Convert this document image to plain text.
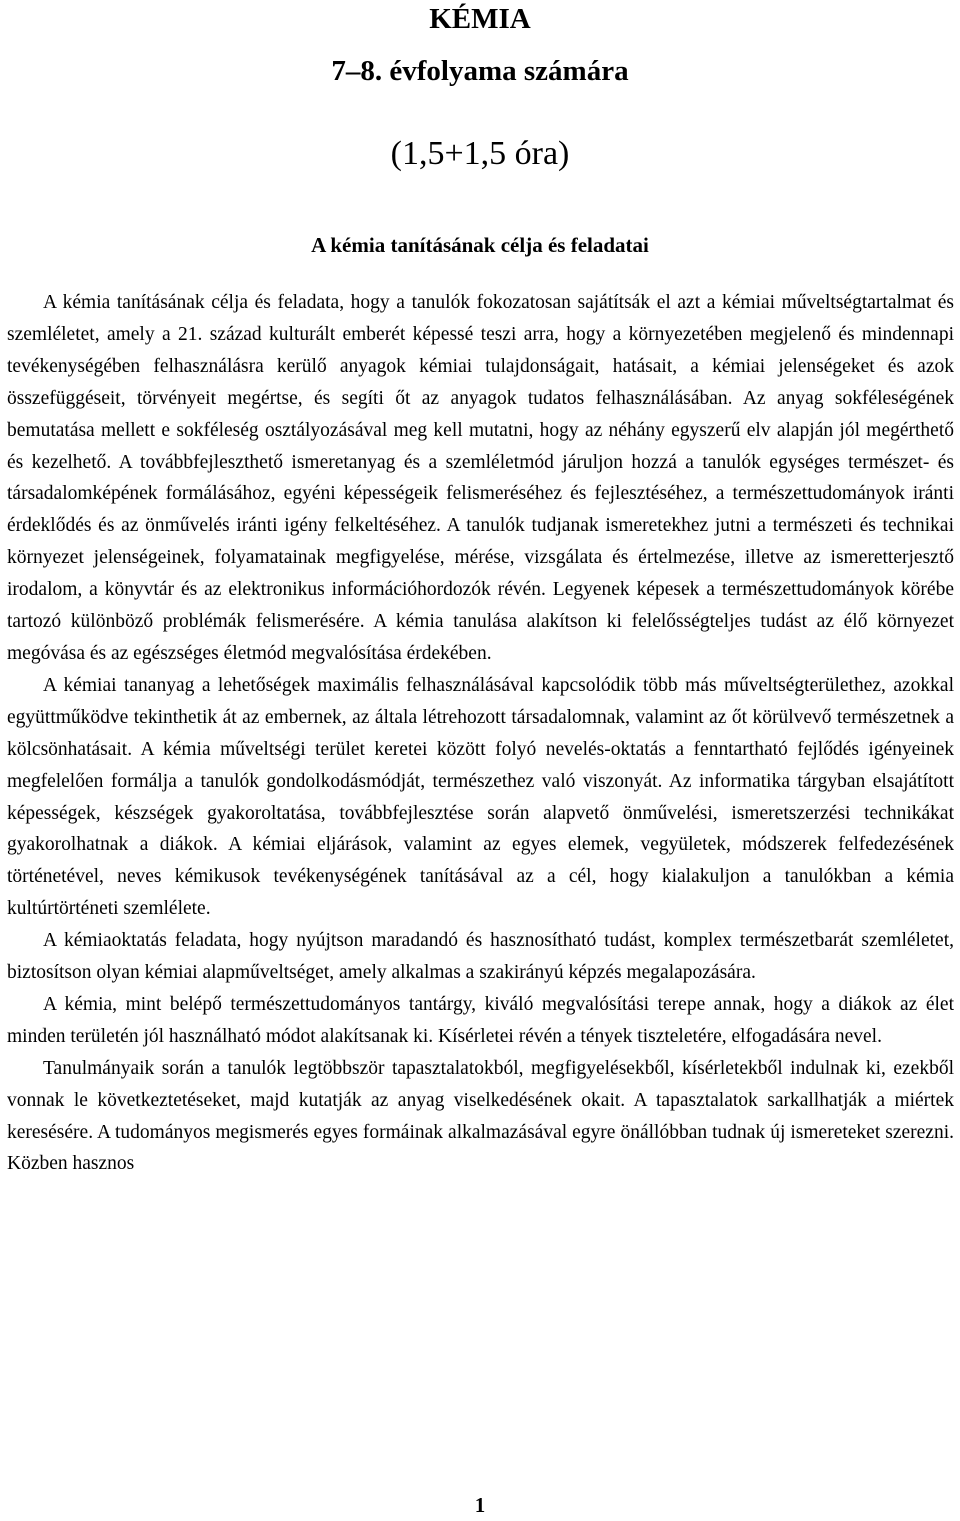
KÉMIA
7–8. évfolyama számára
(1,5+1,5 óra)
A kémia tanításának célja és feladatai

A kémia tanításának célja és feladata, hogy a tanulók fokozatosan sajátítsák el azt a kémiai műveltségtartalmat és szemléletet, amely a 21. század kulturált emberét képessé teszi arra, hogy a környezetében megjelenő és mindennapi tevékenységében felhasználásra kerülő anyagok kémiai tulajdonságait, hatásait, a kémiai jelenségeket és azok összefüggéseit, törvényeit megértse, és segíti őt az anyagok tudatos felhasználásában. Az anyag sokféleségének bemutatása mellett e sokféleség osztályozásával meg kell mutatni, hogy az néhány egyszerű elv alapján jól megérthető és kezelhető. A továbbfejleszthető ismeretanyag és a szemléletmód járuljon hozzá a tanulók egységes természet- és társadalomképének formálásához, egyéni képességeik felismeréséhez és fejlesztéséhez, a természettudományok iránti érdeklődés és az önművelés iránti igény felkeltéséhez. A tanulók tudjanak ismeretekhez jutni a természeti és technikai környezet jelenségeinek, folyamatainak megfigyelése, mérése, vizsgálata és értelmezése, illetve az ismeretterjesztő irodalom, a könyvtár és az elektronikus információhordozók révén. Legyenek képesek a természettudományok körébe tartozó különböző problémák felismerésére. A kémia tanulása alakítson ki felelősségteljes tudást az élő környezet megóvása és az egészséges életmód megvalósítása érdekében.

A kémiai tananyag a lehetőségek maximális felhasználásával kapcsolódik több más műveltségterülethez, azokkal együttműködve tekinthetik át az embernek, az általa létrehozott társadalomnak, valamint az őt körülvevő természetnek a kölcsönhatásait. A kémia műveltségi terület keretei között folyó nevelés-oktatás a fenntartható fejlődés igényeinek megfelelően formálja a tanulók gondolkodásmódját, természethez való viszonyát. Az informatika tárgyban elsajátított képességek, készségek gyakoroltatása, továbbfejlesztése során alapvető önművelési, ismeretszerzési technikákat gyakorolhatnak a diákok. A kémiai eljárások, valamint az egyes elemek, vegyületek, módszerek felfedezésének történetével, neves kémikusok tevékenységének tanításával az a cél, hogy kialakuljon a tanulókban a kémia kultúrtörténeti szemlélete.

A kémiaoktatás feladata, hogy nyújtson maradandó és hasznosítható tudást, komplex természetbarát szemléletet, biztosítson olyan kémiai alapműveltséget, amely alkalmas a szakirányú képzés megalapozására.

A kémia, mint belépő természettudományos tantárgy, kiváló megvalósítási terepe annak, hogy a diákok az élet minden területén jól használható módot alakítsanak ki. Kísérletei révén a tények tiszteletére, elfogadására nevel.

Tanulmányaik során a tanulók legtöbbször tapasztalatokból, megfigyelésekből, kísérletekből indulnak ki, ezekből vonnak le következtetéseket, majd kutatják az anyag viselkedésének okait. A tapasztalatok sarkallhatják a miértek keresésére. A tudományos megismerés egyes formáinak alkalmazásával egyre önállóbban tudnak új ismereteket szerezni. Közben hasznos

1
